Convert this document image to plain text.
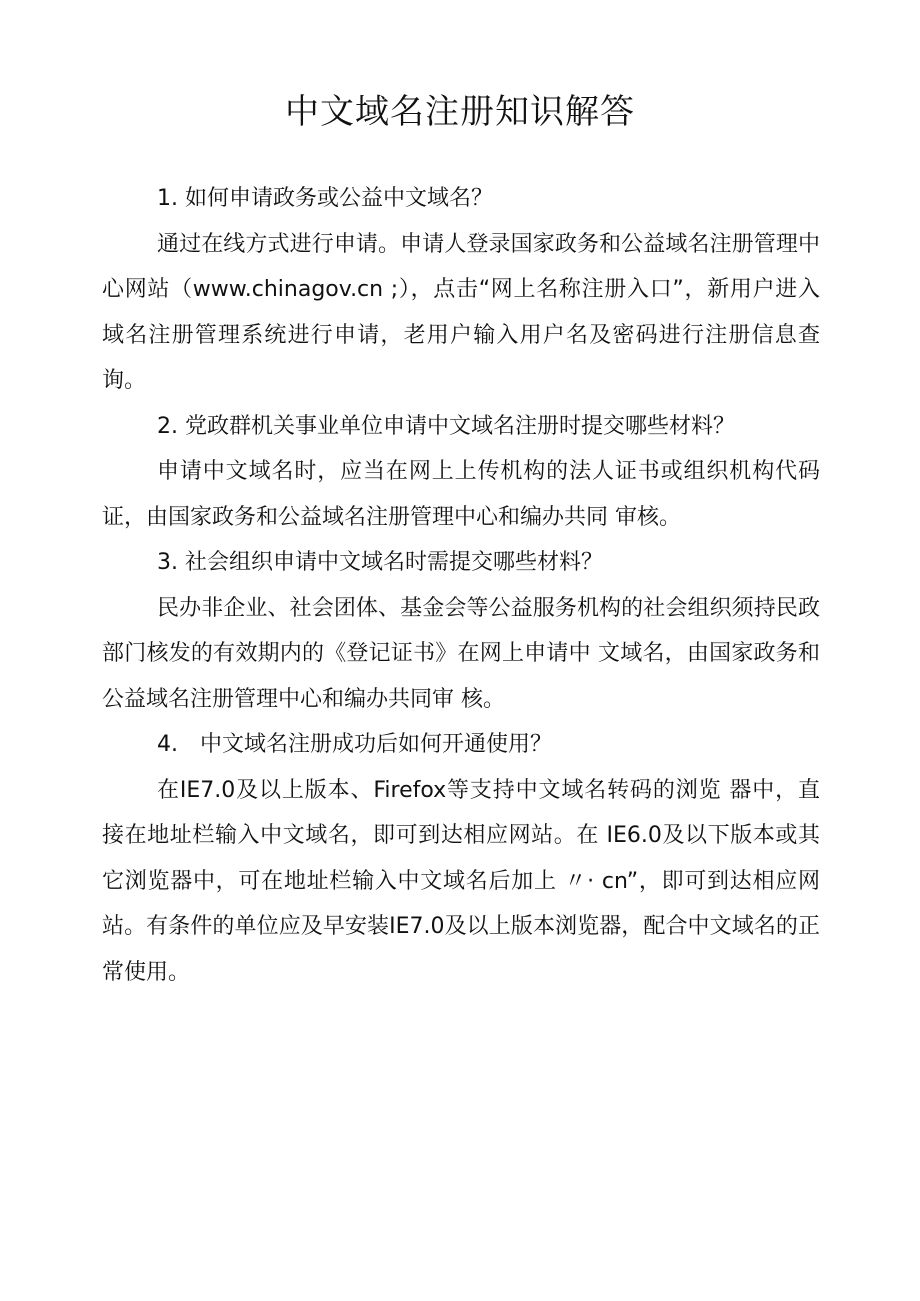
中文域名注册知识解答

1. 如何申请政务或公益中文域名？

通过在线方式进行申请。申请人登录国家政务和公益域名注册管理中心网站（www.chinagov.cn ;），点击“网上名称注册入口”，新用户进入域名注册管理系统进行申请，老用户输入用户名及密码进行注册信息查询。

2. 党政群机关事业单位申请中文域名注册时提交哪些材料？

申请中文域名时，应当在网上上传机构的法人证书或组织机构代码证，由国家政务和公益域名注册管理中心和编办共同 审核。

3. 社会组织申请中文域名时需提交哪些材料？

民办非企业、社会团体、基金会等公益服务机构的社会组织须持民政部门核发的有效期内的《登记证书》在网上申请中 文域名，由国家政务和公益域名注册管理中心和编办共同审 核。

4.　中文域名注册成功后如何开通使用？

在IE7.0及以上版本、Firefox等支持中文域名转码的浏览 器中，直接在地址栏输入中文域名，即可到达相应网站。在 IE6.0及以下版本或其它浏览器中，可在地址栏输入中文域名后加上 〃· cn”，即可到达相应网站。有条件的单位应及早安装IE7.0及以上版本浏览器，配合中文域名的正常使用。
